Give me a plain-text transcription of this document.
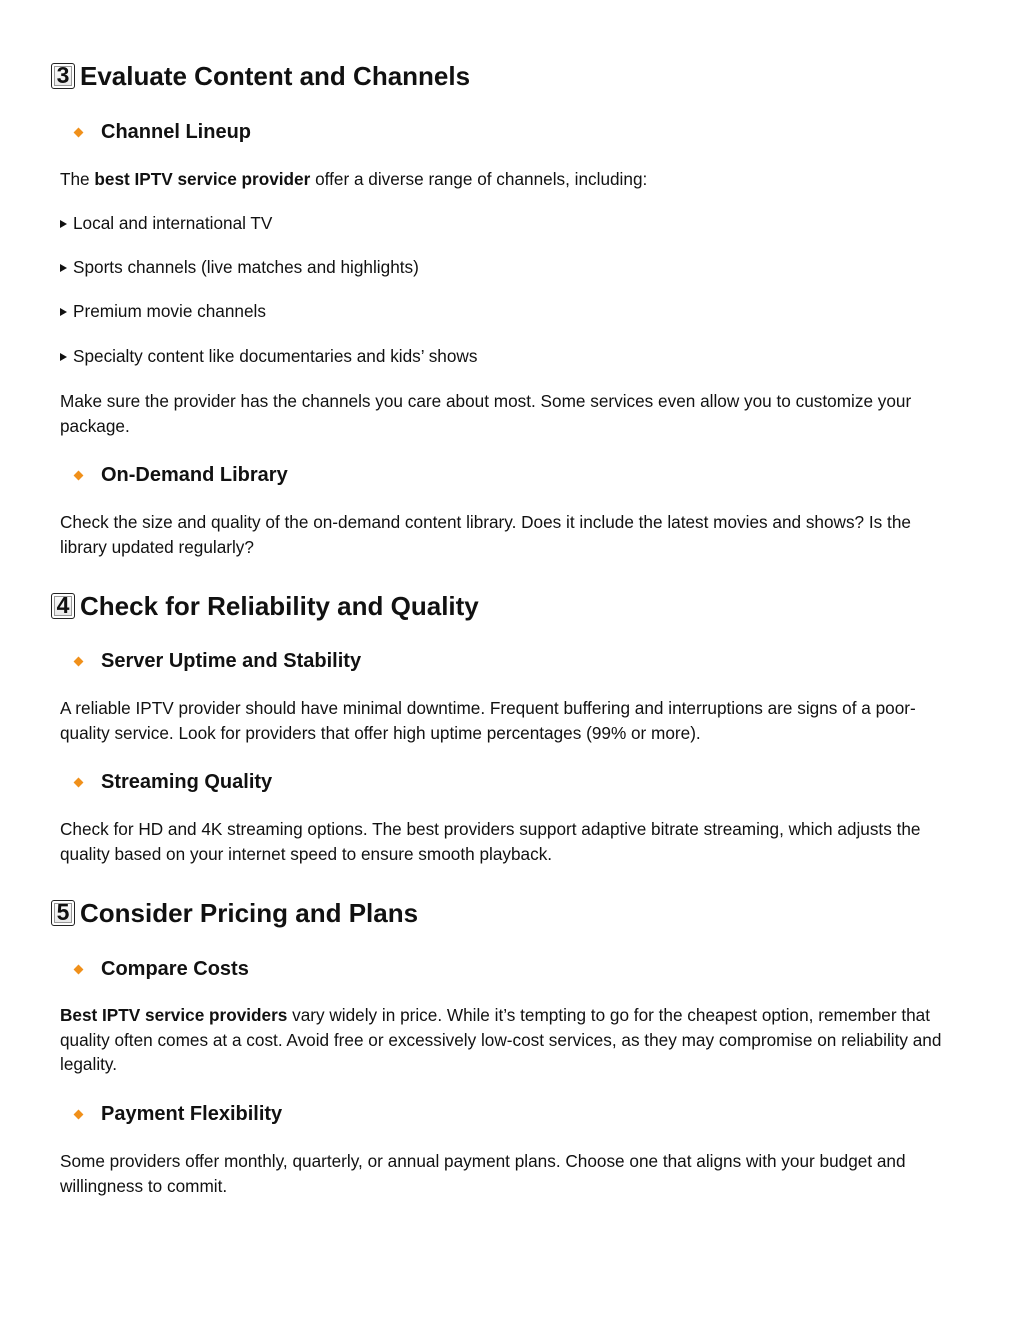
3 Evaluate Content and Channels
Channel Lineup
The best IPTV service provider offer a diverse range of channels, including:
Local and international TV
Sports channels (live matches and highlights)
Premium movie channels
Specialty content like documentaries and kids’ shows
Make sure the provider has the channels you care about most. Some services even allow you to customize your package.
On-Demand Library
Check the size and quality of the on-demand content library. Does it include the latest movies and shows? Is the library updated regularly?
4 Check for Reliability and Quality
Server Uptime and Stability
A reliable IPTV provider should have minimal downtime. Frequent buffering and interruptions are signs of a poor-quality service. Look for providers that offer high uptime percentages (99% or more).
Streaming Quality
Check for HD and 4K streaming options. The best providers support adaptive bitrate streaming, which adjusts the quality based on your internet speed to ensure smooth playback.
5 Consider Pricing and Plans
Compare Costs
Best IPTV service providers vary widely in price. While it’s tempting to go for the cheapest option, remember that quality often comes at a cost. Avoid free or excessively low-cost services, as they may compromise on reliability and legality.
Payment Flexibility
Some providers offer monthly, quarterly, or annual payment plans. Choose one that aligns with your budget and willingness to commit.
